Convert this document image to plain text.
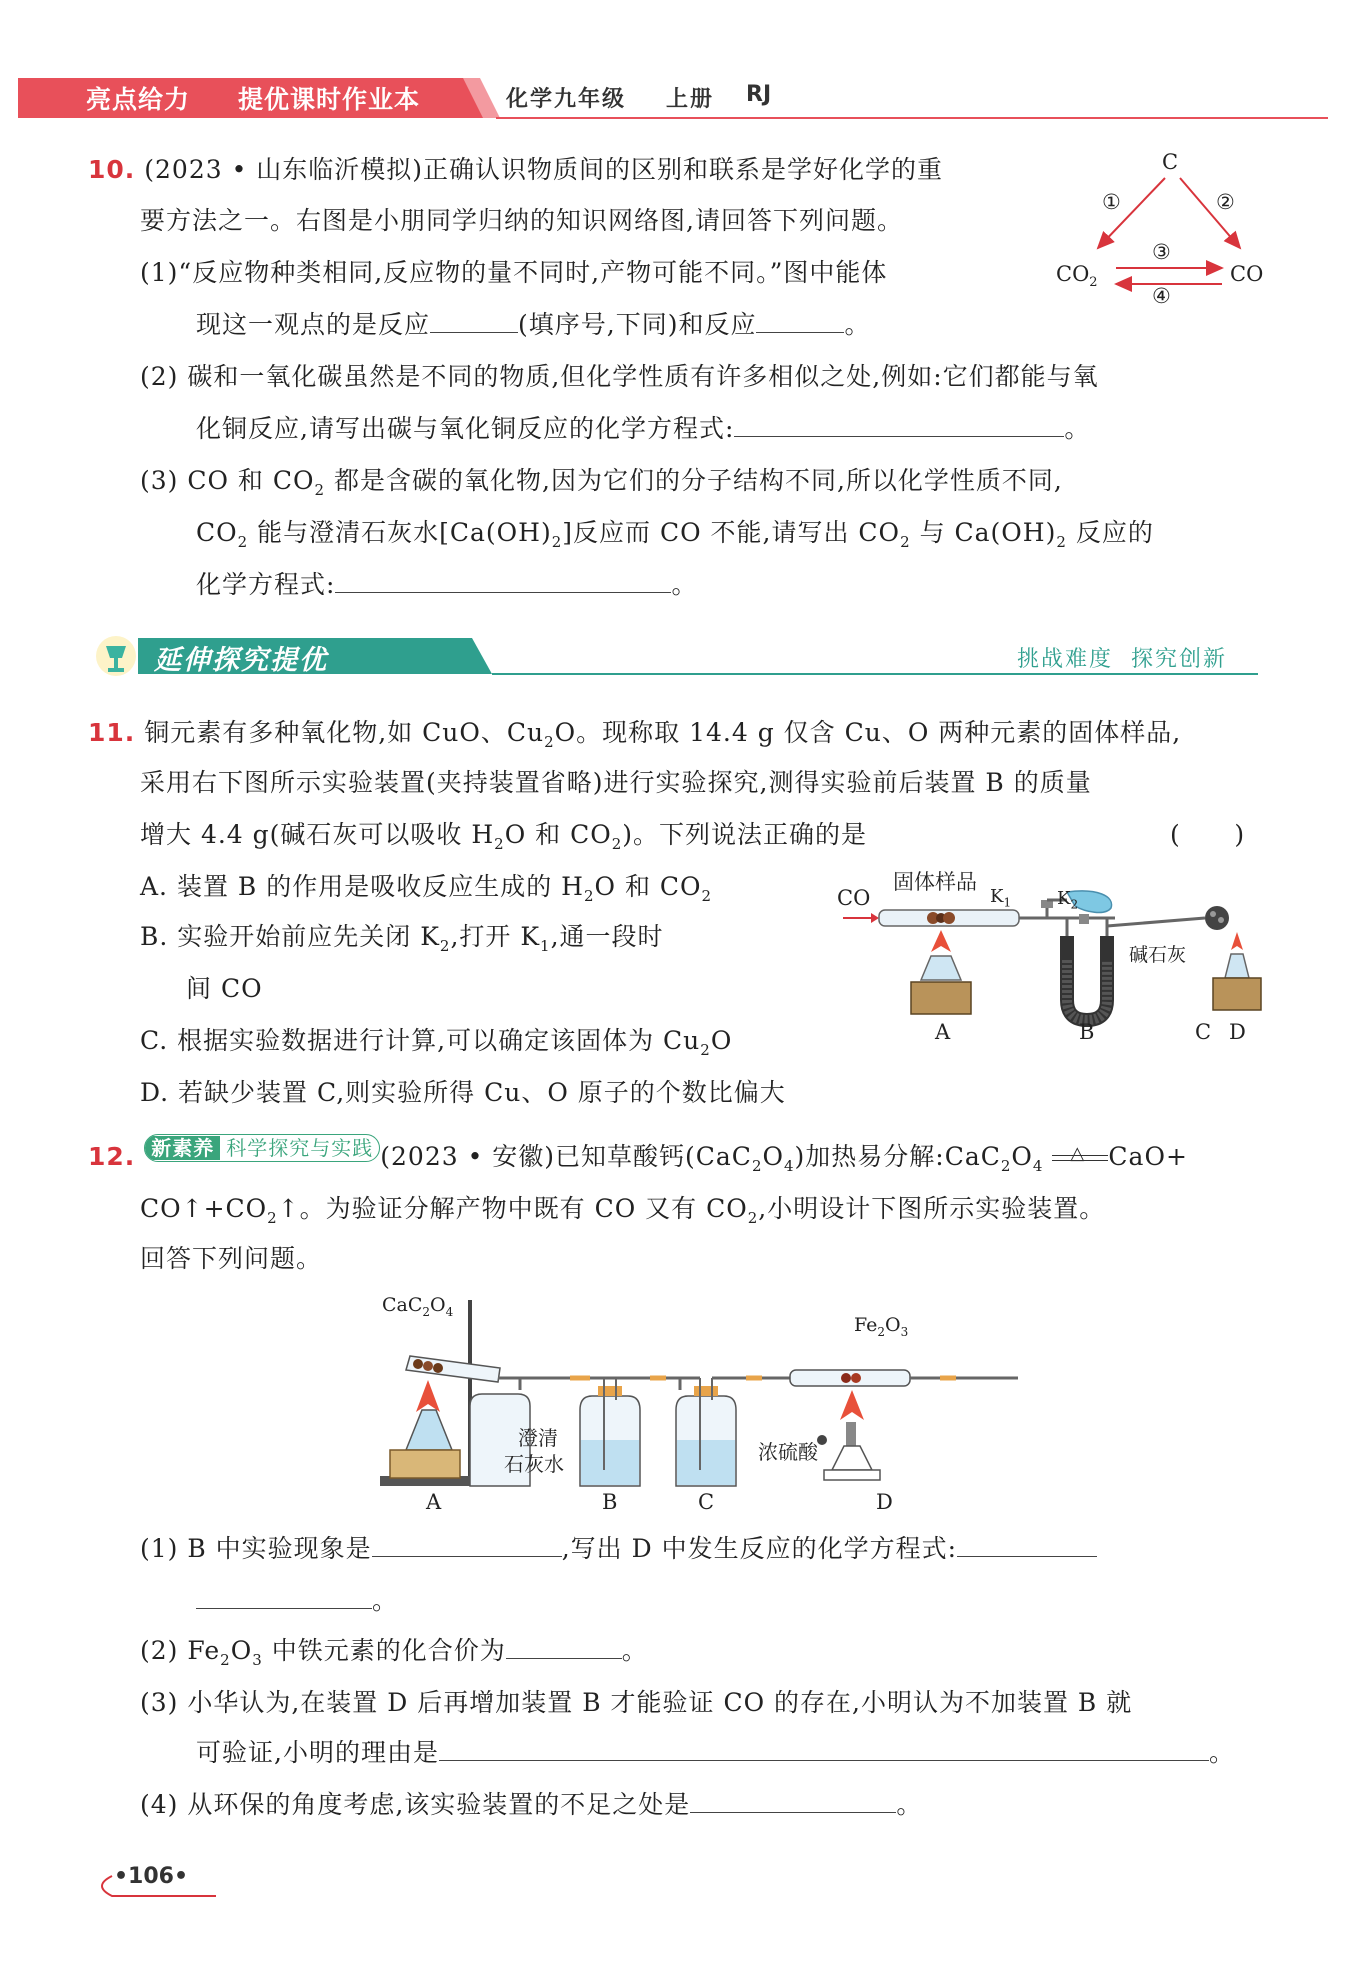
亮点给力 提优课时作业本	化学九年级 上册 RJ
10. (2023 • 山东临沂模拟)正确认识物质间的区别和联系是学好化学的重
要方法之一。右图是小朋同学归纳的知识网络图,请回答下列问题。
(1)“反应物种类相同,反应物的量不同时,产物可能不同。”图中能体
现这一观点的是反应	(填序号,下同)和反应	。
(2) 碳和一氧化碳虽然是不同的物质,但化学性质有许多相似之处,例如:它们都能与氧
化铜反应,请写出碳与氧化铜反应的化学方程式:	。
(3) CO 和 $CO_2$ 都是含碳的氧化物,因为它们的分子结构不同,所以化学性质不同,
$CO_2$ 能与澄清石灰水$[Ca(OH)_2]$反应而 CO 不能,请写出 $CO_2$ 与 $Ca(OH)_2$ 反应的
化学方程式:	。
C
$CO_2$	CO
①	②
③
④
延伸探究提优	挑战难度  探究创新
11. 铜元素有多种氧化物,如 CuO、$Cu_2O$。现称取 14.4 g 仅含 Cu、O 两种元素的固体样品,
采用右下图所示实验装置(夹持装置省略)进行实验探究,测得实验前后装置 B 的质量
增大 4.4 g(碱石灰可以吸收 $H_2O$ 和 $CO_2$)。下列说法正确的是	(      )
A. 装置 B 的作用是吸收反应生成的 $H_2O$ 和 $CO_2$
B. 实验开始前应先关闭 $K_2$,打开 $K_1$,通一段时
间 CO
C. 根据实验数据进行计算,可以确定该固体为 $Cu_2O$
D. 若缺少装置 C,则实验所得 Cu、O 原子的个数比偏大
CO
固体样品
$K_1$	$K_2$
碱石灰
A	B	C D
12. 新素养 科学探究与实践 (2023 • 安徽)已知草酸钙$(CaC_2O_4)$加热易分解$:CaC_2O_4$
△ CaO+
$CO↑+CO_2↑$。为验证分解产物中既有 CO 又有 $CO_2$,小明设计下图所示实验装置。
回答下列问题。
$CaC_2O_4$
$Fe_2O_3$
澄清
石灰水	浓硫酸
A	B	C	D
(1) B 中实验现象是	,写出 D 中发生反应的化学方程式:
。
(2) $Fe_2O_3$ 中铁元素的化合价为	。
(3) 小华认为,在装置 D 后再增加装置 B 才能验证 CO 的存在,小明认为不加装置 B 就
可验证,小明的理由是	。
(4) 从环保的角度考虑,该实验装置的不足之处是	。
•106•
